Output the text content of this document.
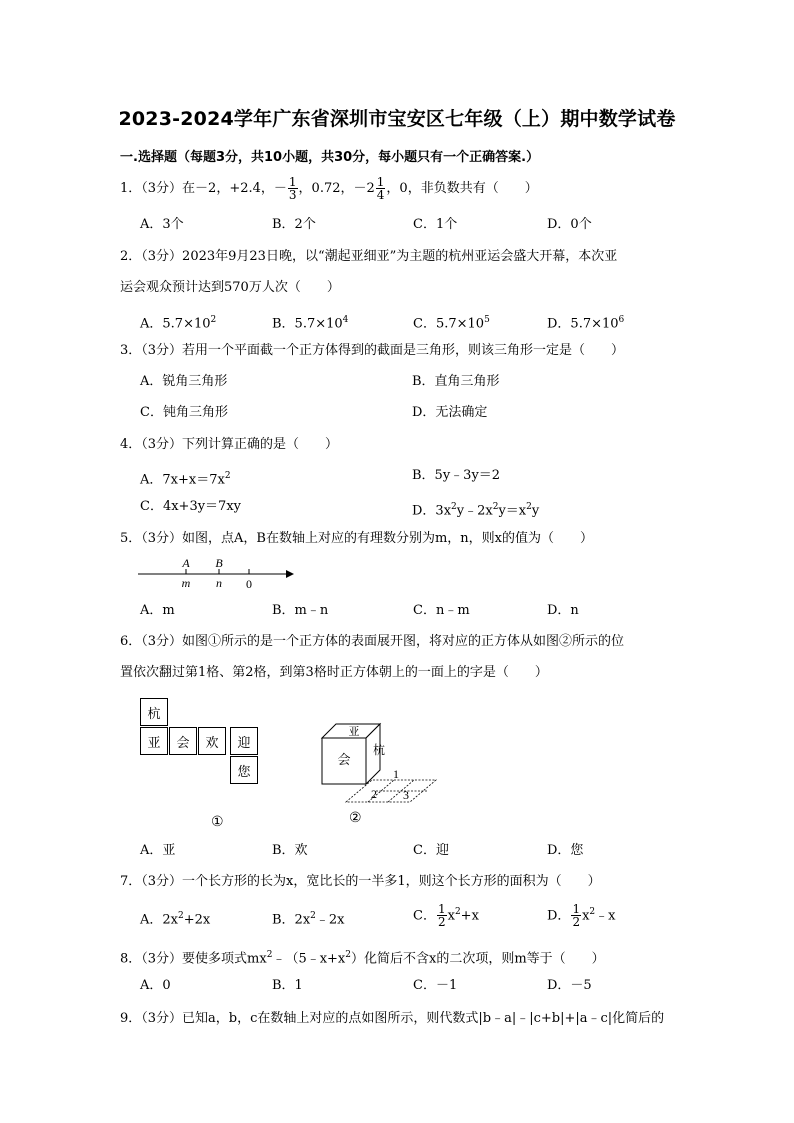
2023-2024学年广东省深圳市宝安区七年级（上）期中数学试卷
一.选择题（每题3分，共10小题，共30分，每小题只有一个正确答案.）
1．（3分）在－2，+2.4，－ $\frac{1}{3}$ ，0.72，$-2 \frac{1}{4}$ ，0，非负数共有（　　）
A．3个	B．2个	C．1个	D．0个
2．（3分）2023年9月23日晚，以“潮起亚细亚”为主题的杭州亚运会盛大开幕，本次亚
运会观众预计达到570万人次（　　）
A．$5.7\times 10^2$	B．$5.7\times 10^4$	C．$5.7\times 10^5$	D．$5.7\times 10^6$
3．（3分）若用一个平面截一个正方体得到的截面是三角形，则该三角形一定是（　　）
A．锐角三角形	B．直角三角形
C．钝角三角形	D．无法确定
4．（3分）下列计算正确的是（　　）
A．$7x+x=7x^2$	B．5y﹣3y＝2
C．4x+3y＝7xy	D．$3x^2y﹣2x^2y=x^2y$
5．（3分）如图，点A，B在数轴上对应的有理数分别为m，n，则x的值为（　　）
A B
m n 0
A．m	B．m﹣n	C．n﹣m	D．n
6．（3分）如图①所示的是一个正方体的表面展开图，将对应的正方体从如图②所示的位
置依次翻过第1格、第2格，到第3格时正方体朝上的一面上的字是（　　）
杭
亚	会	欢	迎
您
①
亚
会
杭
1
2 3
②
A．亚	B．欢	C．迎	D．您
7．（3分）一个长方形的长为x，宽比长的一半多1，则这个长方形的面积为（　　）
A．$2x^2+2x$	B．$2x^2﹣2x$	C． $\frac{1}{2} x^2+x$	D． $\frac{1}{2}$ $x^2﹣x$
8．（3分）要使多项式$mx^2﹣(5﹣x+x^2)$化简后不含x的二次项，则m等于（　　）
A．0	B．1	C．－1	D．－5
9．（3分）已知a，b，c在数轴上对应的点如图所示，则代数式|b﹣a|﹣|c+b|+|a﹣c|化简后的
